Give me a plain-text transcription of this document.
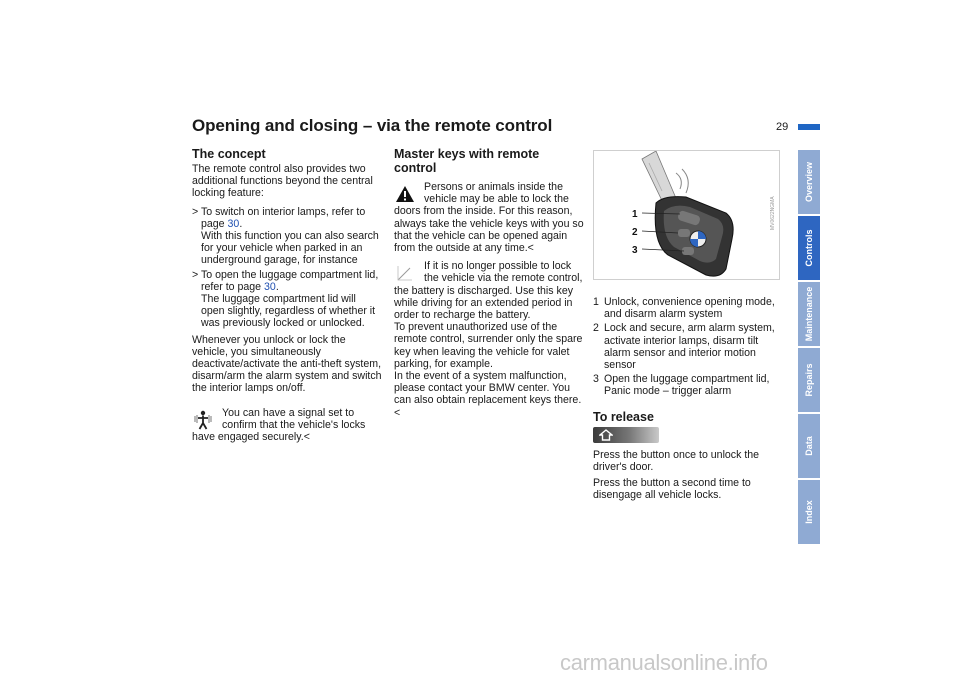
Opening and closing – via the remote control	29
The concept

The remote control also provides two additional functions beyond the central locking feature:

> To switch on interior lamps, refer to page 30.
With this function you can also search for your vehicle when parked in an underground garage, for instance
> To open the luggage compartment lid, refer to page 30.
The luggage compartment lid will open slightly, regardless of whether it was previously locked or unlocked.

Whenever you unlock or lock the vehicle, you simultaneously deactivate/activate the anti-theft system, disarm/arm the alarm system and switch the interior lamps on/off.

You can have a signal set to confirm that the vehicle's locks have engaged securely.<

Master keys with remote control

Persons or animals inside the vehicle may be able to lock the doors from the inside. For this reason, always take the vehicle keys with you so that the vehicle can be opened again from the outside at any time.<

If it is no longer possible to lock the vehicle via the remote control, the battery is discharged. Use this key while driving for an extended period in order to recharge the battery.

To prevent unauthorized use of the remote control, surrender only the spare key when leaving the vehicle for valet parking, for example.

In the event of a system malfunction, please contact your BMW center. You can also obtain replacement keys there.<

1
2
3
MV0622NGMA
1 Unlock, convenience opening mode, and disarm alarm system
2 Lock and secure, arm alarm system, activate interior lamps, disarm tilt alarm sensor and interior motion sensor
3 Open the luggage compartment lid, Panic mode – trigger alarm
To release

Press the button once to unlock the driver's door.

Press the button a second time to disengage all vehicle locks.

Overview
Controls
Maintenance
Repairs
Data
Index
carmanualsonline.info
